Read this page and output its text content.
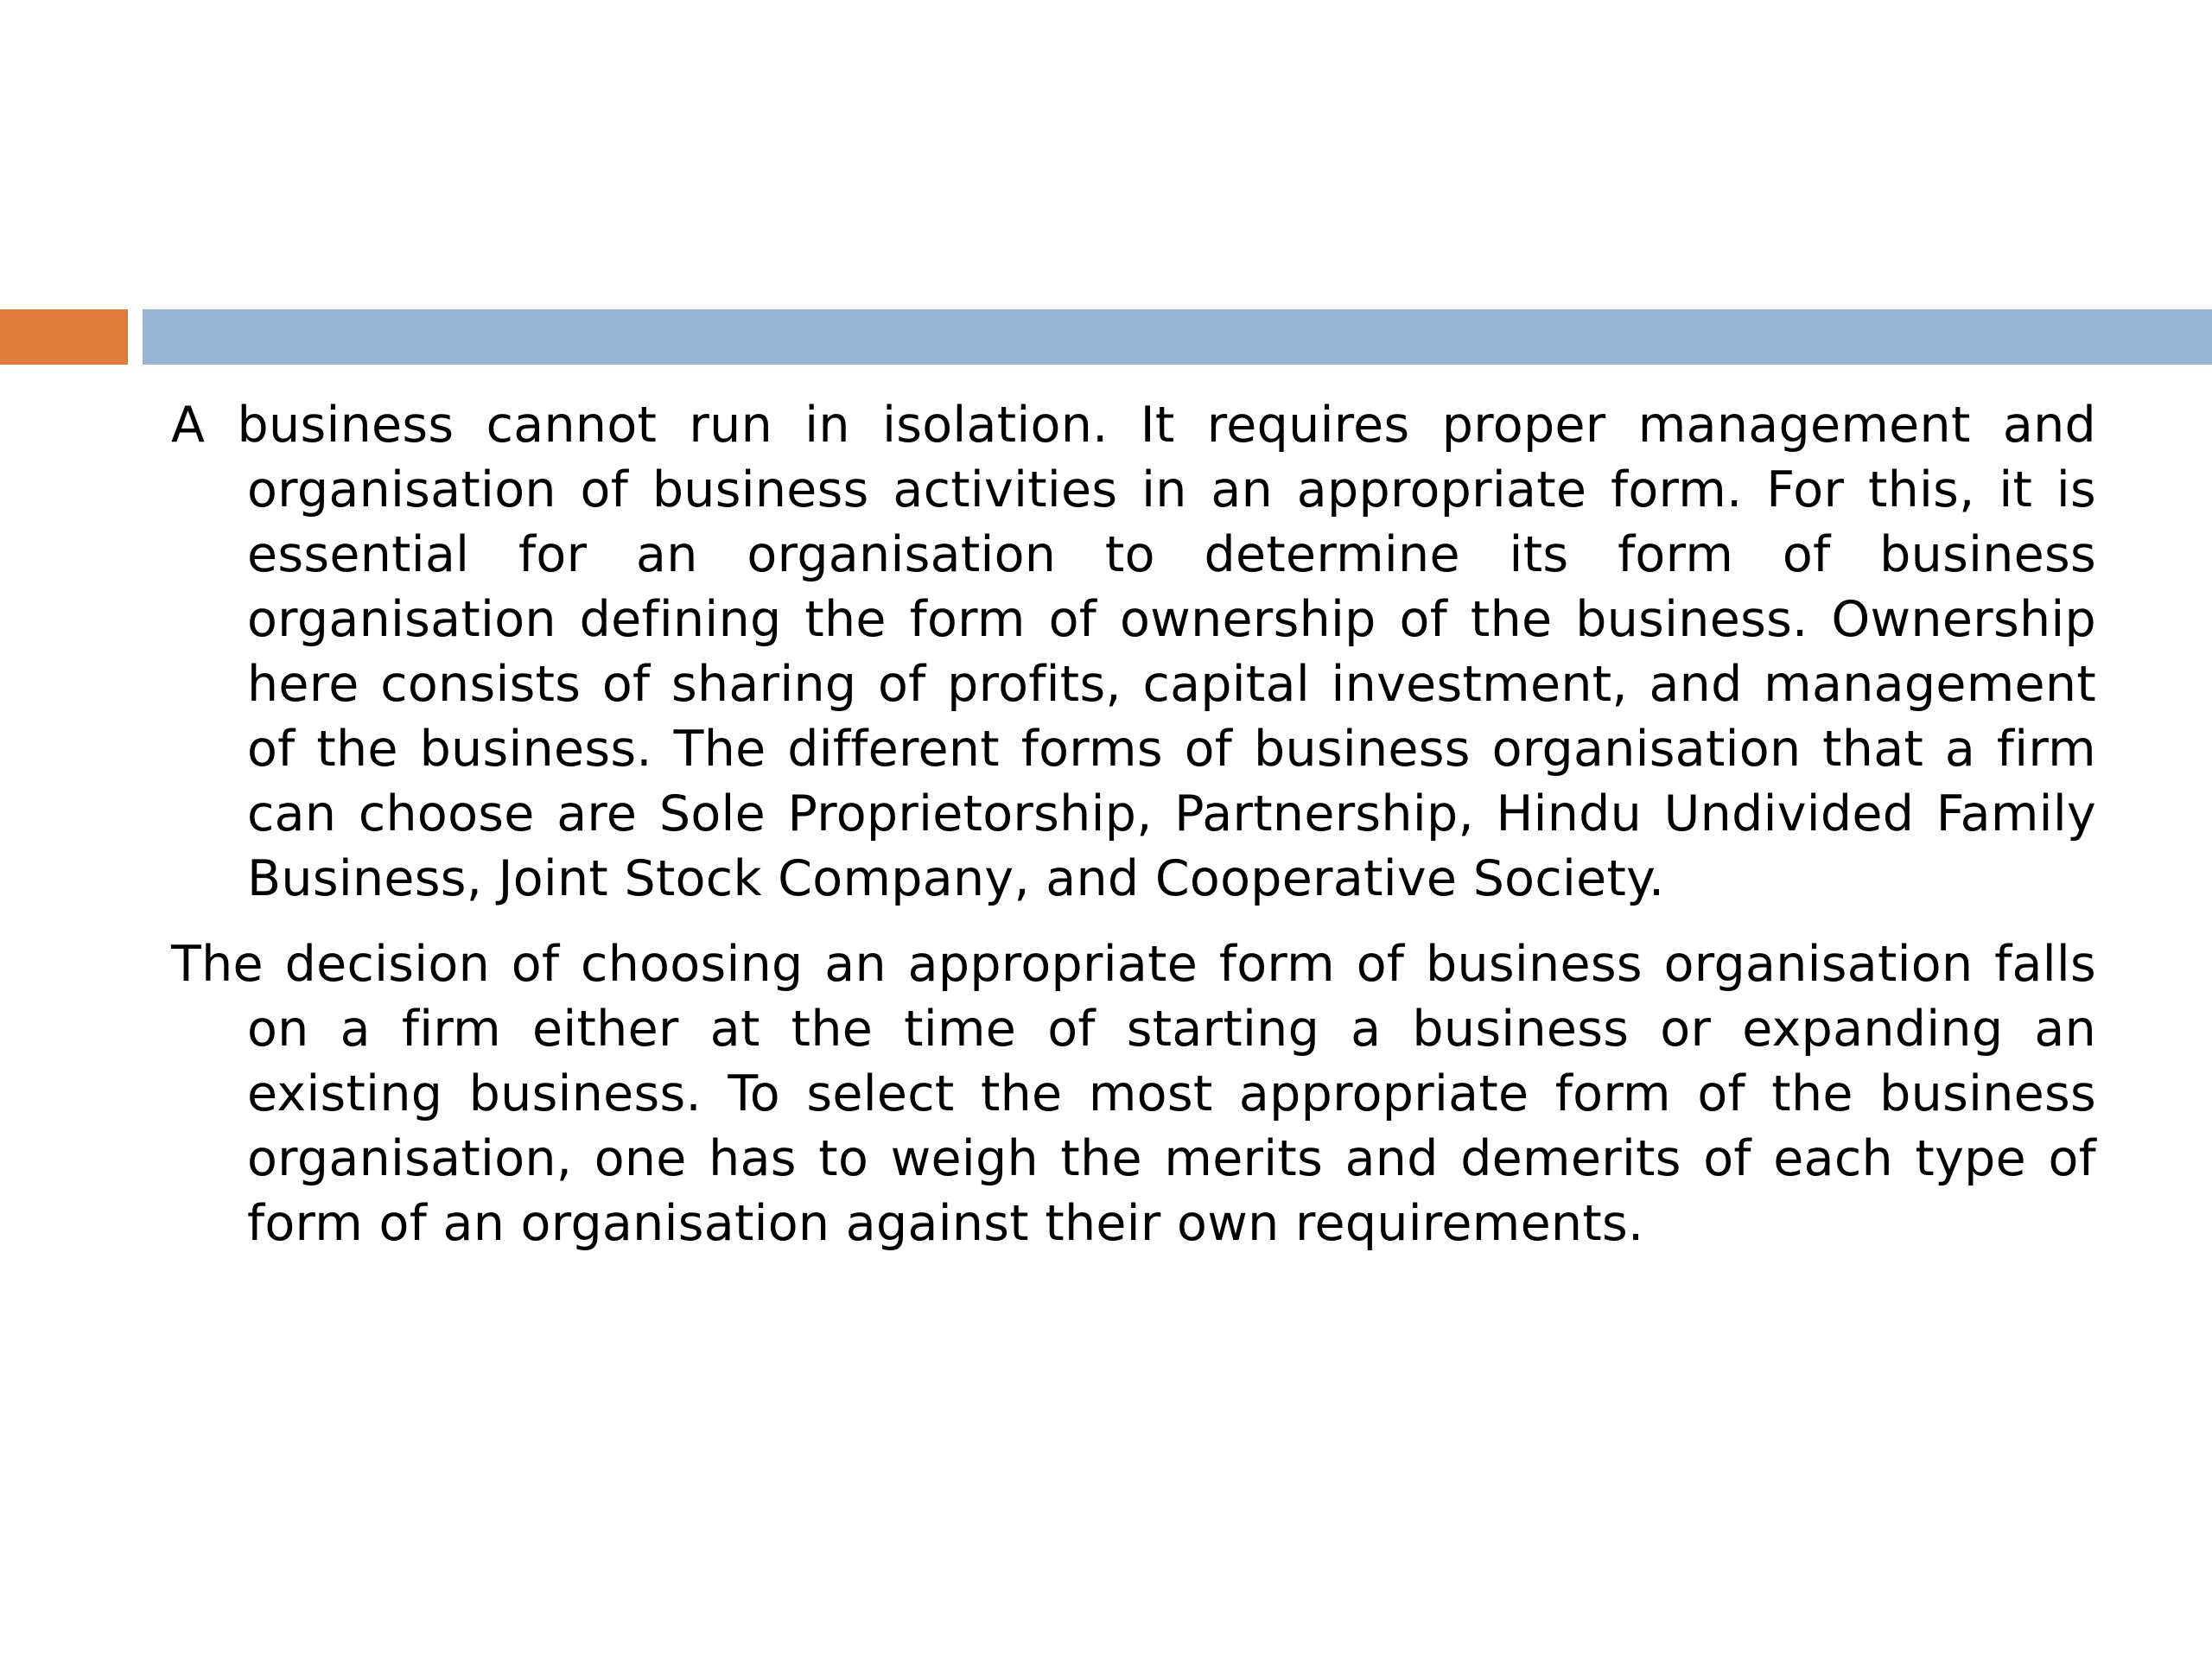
A business cannot run in isolation. It requires proper management and organisation of business activities in an appropriate form. For this, it is essential for an organisation to determine its form of business organisation defining the form of ownership of the business. Ownership here consists of sharing of profits, capital investment, and management of the business. The different forms of business organisation that a firm can choose are Sole Proprietorship, Partnership, Hindu Undivided Family Business, Joint Stock Company, and Cooperative Society.

The decision of choosing an appropriate form of business organisation falls on a firm either at the time of starting a business or expanding an existing business. To select the most appropriate form of the business organisation, one has to weigh the merits and demerits of each type of form of an organisation against their own requirements.
